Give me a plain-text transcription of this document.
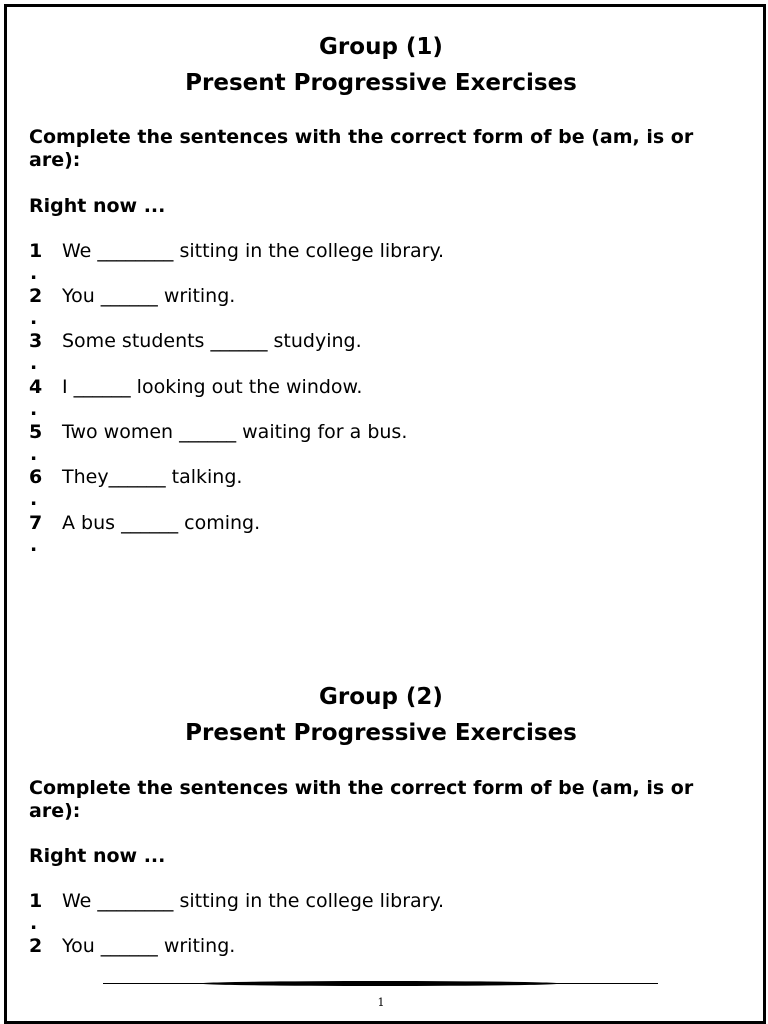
Group (1)
Present Progressive Exercises
Complete the sentences with the correct form of be (am, is or are):
Right now ...
1 We ________ sitting in the college library.
.
2 You ______ writing.
.
3 Some students ______ studying.
.
4 I ______ looking out the window.
.
5 Two women ______ waiting for a bus.
.
6 They______ talking.
.
7 A bus ______ coming.
.
Group (2)
Present Progressive Exercises
Complete the sentences with the correct form of be (am, is or are):
Right now ...
1 We ________ sitting in the college library.
.
2 You ______ writing.
1
